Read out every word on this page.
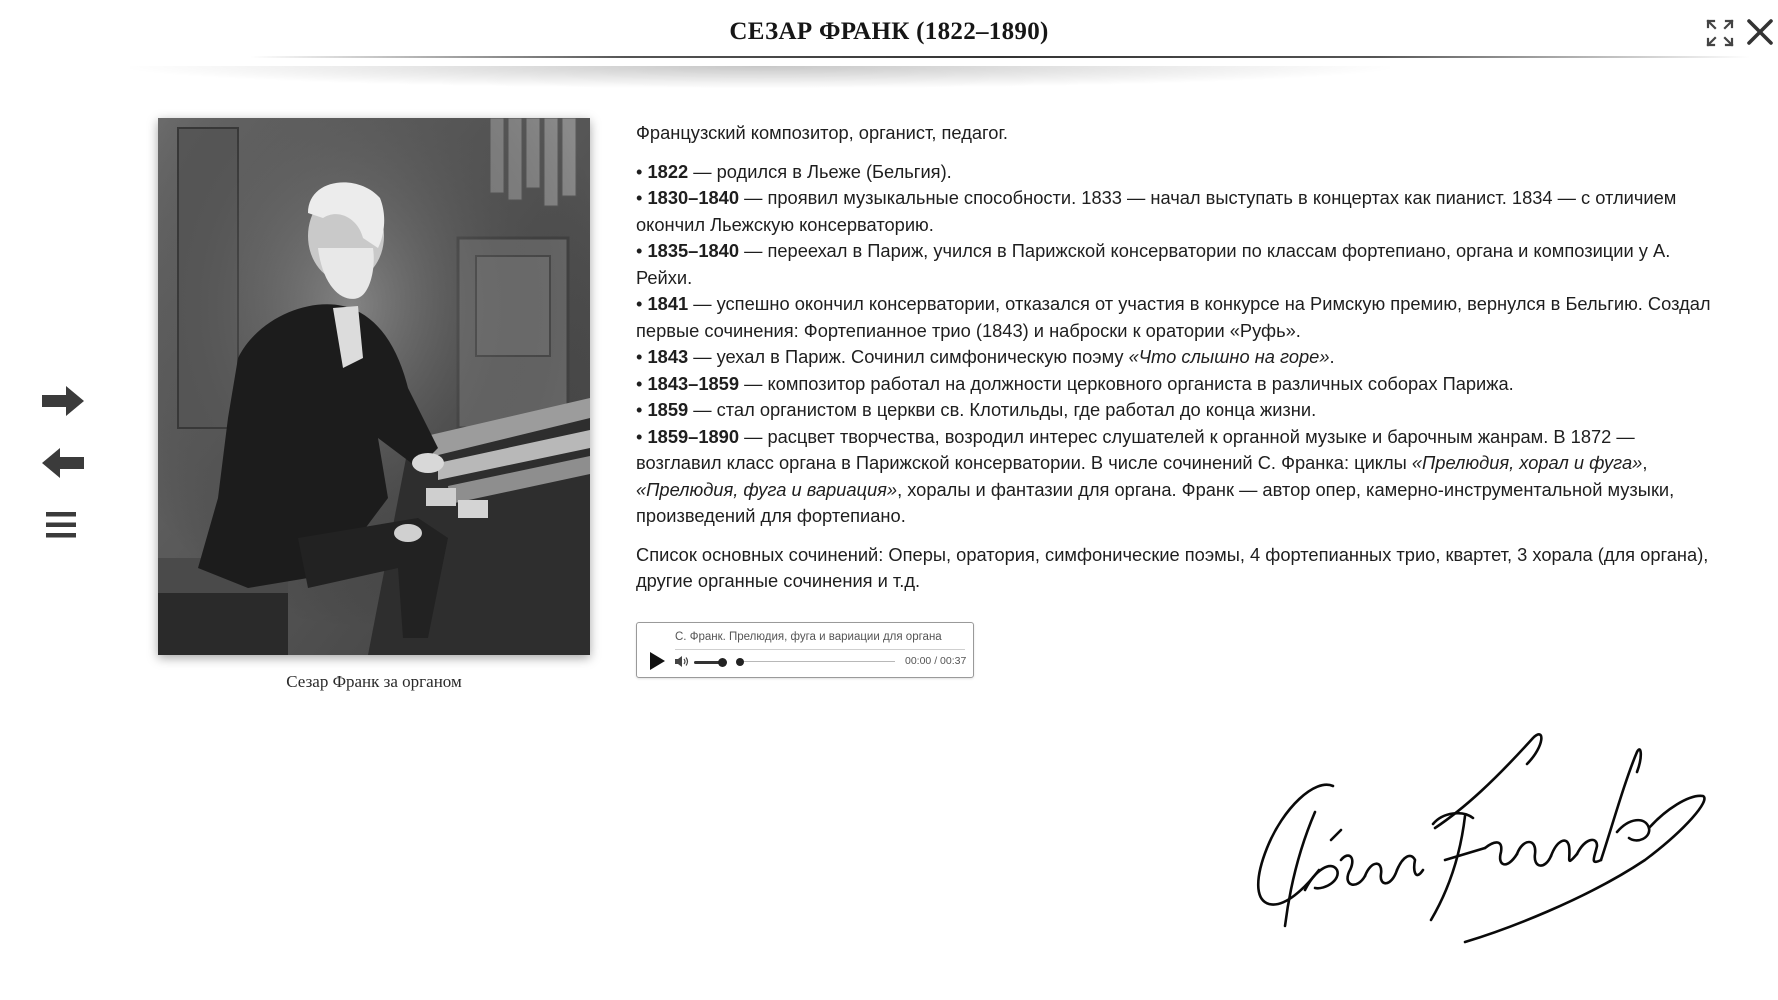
СЕЗАР ФРАНК (1822–1890)
Сезар Франк за органом

Французский композитор, органист, педагог.

• 1822 — родился в Льеже (Бельгия).

• 1830–1840 — проявил музыкальные способности. 1833 — начал выступать в концертах как пианист. 1834 — с отличием окончил Льежскую консерваторию.

• 1835–1840 — переехал в Париж, учился в Парижской консерватории по классам фортепиано, органа и композиции у А. Рейхи.

• 1841 — успешно окончил консерватории, отказался от участия в конкурсе на Римскую премию, вернулся в Бельгию. Создал первые сочинения: Фортепианное трио (1843) и наброски к оратории «Руфь».

• 1843 — уехал в Париж. Сочинил симфоническую поэму «Что слышно на горе».

• 1843–1859 — композитор работал на должности церковного органиста в различных соборах Парижа.

• 1859 — стал органистом в церкви св. Клотильды, где работал до конца жизни.

• 1859–1890 — расцвет творчества, возродил интерес слушателей к органной музыке и барочным жанрам. В 1872 — возглавил класс органа в Парижской консерватории. В числе сочинений С. Франка: циклы «Прелюдия, хорал и фуга», «Прелюдия, фуга и вариация», хоралы и фантазии для органа. Франк — автор опер, камерно-инструментальной музыки, произведений для фортепиано.

Список основных сочинений: Оперы, оратория, симфонические поэмы, 4 фортепианных трио, квартет, 3 хорала (для органа), другие органные сочинения и т.д.

С. Франк. Прелюдия, фуга и вариации для органа
00:00 / 00:37
